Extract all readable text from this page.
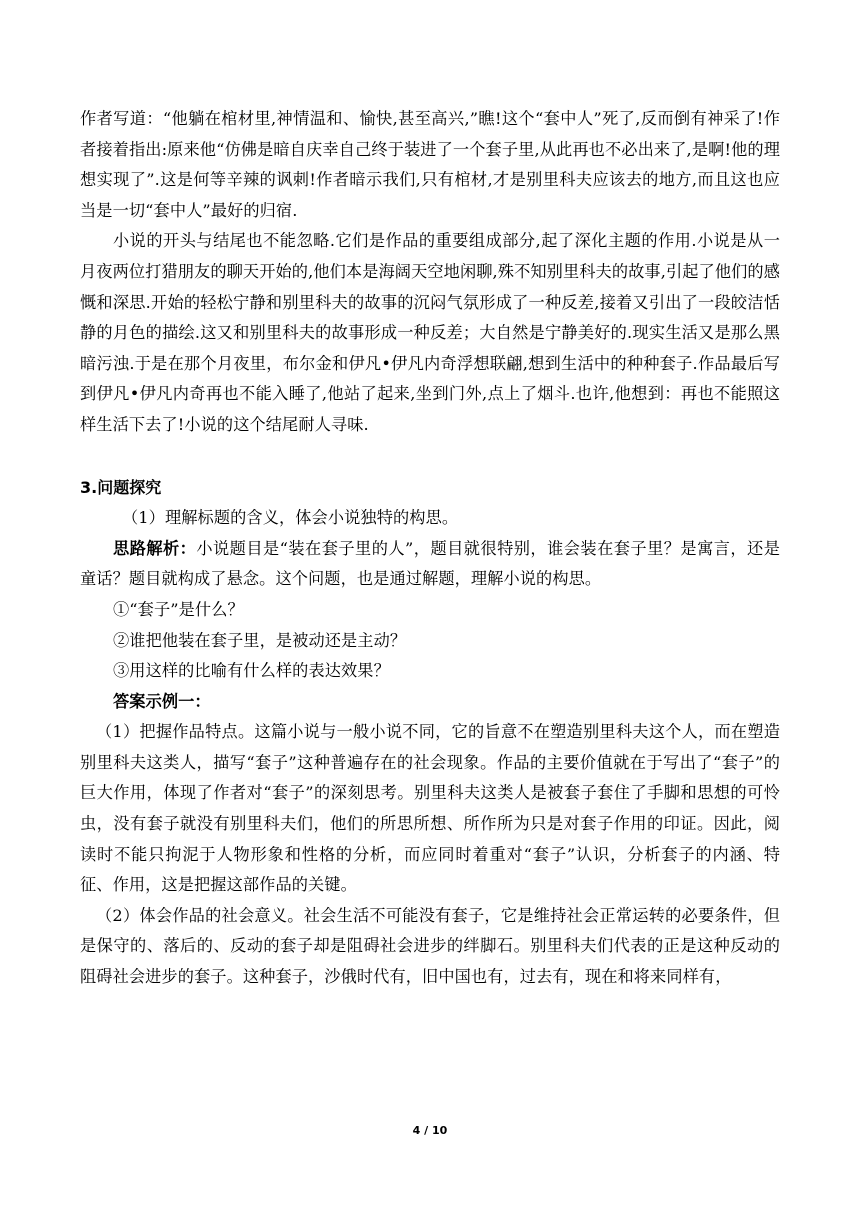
作者写道：“他躺在棺材里,神情温和、愉快,甚至高兴,”瞧!这个“套中人”死了,反而倒有神采了!作者接着指出:原来他“仿佛是暗自庆幸自己终于装进了一个套子里,从此再也不必出来了,是啊!他的理想实现了”.这是何等辛辣的讽刺!作者暗示我们,只有棺材,才是别里科夫应该去的地方,而且这也应当是一切“套中人”最好的归宿.

小说的开头与结尾也不能忽略.它们是作品的重要组成部分,起了深化主题的作用.小说是从一月夜两位打猎朋友的聊天开始的,他们本是海阔天空地闲聊,殊不知别里科夫的故事,引起了他们的感慨和深思.开始的轻松宁静和别里科夫的故事的沉闷气氛形成了一种反差,接着又引出了一段皎洁恬静的月色的描绘.这又和别里科夫的故事形成一种反差；大自然是宁静美好的.现实生活又是那么黑暗污浊.于是在那个月夜里，布尔金和伊凡•伊凡内奇浮想联翩,想到生活中的种种套子.作品最后写到伊凡•伊凡内奇再也不能入睡了,他站了起来,坐到门外,点上了烟斗.也许,他想到：再也不能照这样生活下去了!小说的这个结尾耐人寻味.

3.问题探究

（1）理解标题的含义，体会小说独特的构思。

思路解析：小说题目是“装在套子里的人”，题目就很特别，谁会装在套子里？是寓言，还是童话？题目就构成了悬念。这个问题，也是通过解题，理解小说的构思。

①“套子”是什么？

②谁把他装在套子里，是被动还是主动？

③用这样的比喻有什么样的表达效果？

答案示例一：

（1）把握作品特点。这篇小说与一般小说不同，它的旨意不在塑造别里科夫这个人，而在塑造别里科夫这类人，描写“套子”这种普遍存在的社会现象。作品的主要价值就在于写出了“套子”的巨大作用，体现了作者对“套子”的深刻思考。别里科夫这类人是被套子套住了手脚和思想的可怜虫，没有套子就没有别里科夫们，他们的所思所想、所作所为只是对套子作用的印证。因此，阅读时不能只拘泥于人物形象和性格的分析，而应同时着重对“套子”认识，分析套子的内涵、特征、作用，这是把握这部作品的关键。

（2）体会作品的社会意义。社会生活不可能没有套子，它是维持社会正常运转的必要条件，但是保守的、落后的、反动的套子却是阻碍社会进步的绊脚石。别里科夫们代表的正是这种反动的阻碍社会进步的套子。这种套子，沙俄时代有，旧中国也有，过去有，现在和将来同样有，

4 / 10
